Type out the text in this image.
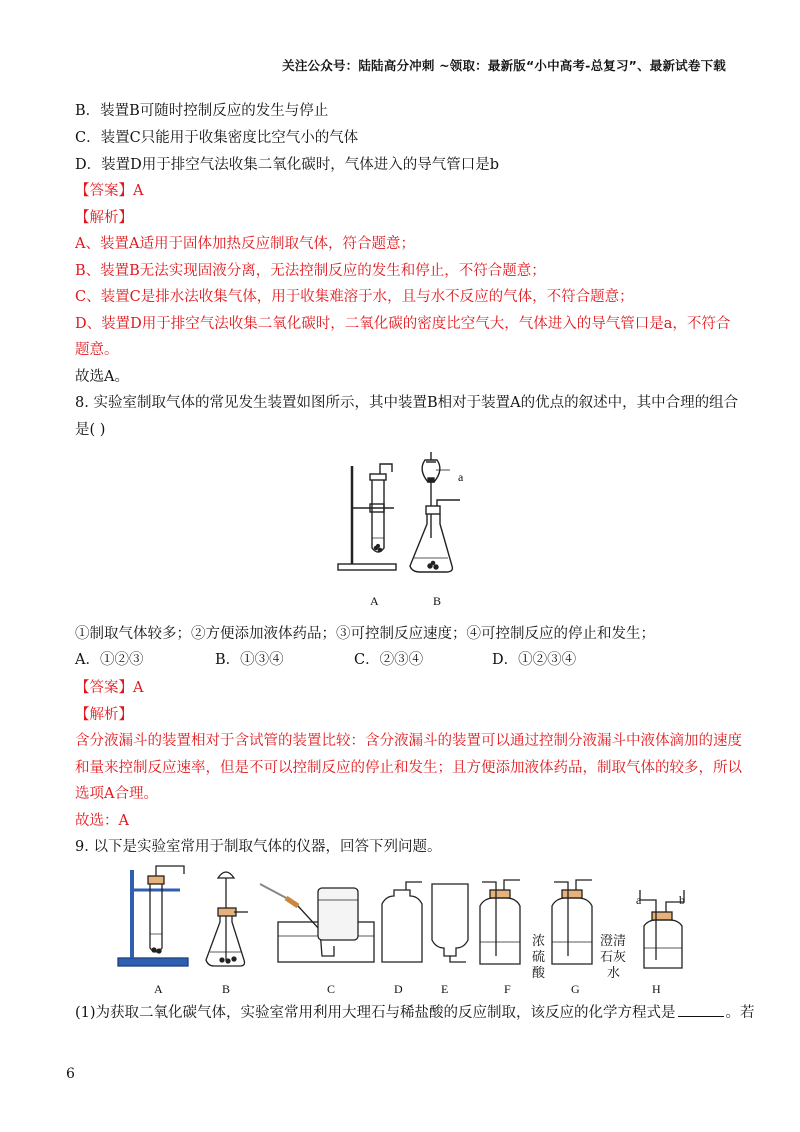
关注公众号：陆陆高分冲刺 ~领取：最新版“小中高考-总复习”、最新试卷下载
B．装置B可随时控制反应的发生与停止
C．装置C只能用于收集密度比空气小的气体
D．装置D用于排空气法收集二氧化碳时，气体进入的导气管口是b
【答案】A
【解析】
A、装置A适用于固体加热反应制取气体，符合题意；
B、装置B无法实现固液分离，无法控制反应的发生和停止，不符合题意；
C、装置C是排水法收集气体，用于收集难溶于水，且与水不反应的气体，不符合题意；
D、装置D用于排空气法收集二氧化碳时，二氧化碳的密度比空气大，气体进入的导气管口是a，不符合
题意。
故选A。
8. 实验室制取气体的常见发生装置如图所示，其中装置B相对于装置A的优点的叙述中，其中合理的组合
是( )
a
A	B
①制取气体较多；②方便添加液体药品；③可控制反应速度；④可控制反应的停止和发生；
A．①②③	B．①③④	C．②③④	D．①②③④
【答案】A
【解析】
含分液漏斗的装置相对于含试管的装置比较：含分液漏斗的装置可以通过控制分液漏斗中液体滴加的速度
和量来控制反应速率，但是不可以控制反应的停止和发生；且方便添加液体药品，制取气体的较多，所以
选项A合理。
故选：A
9. 以下是实验室常用于制取气体的仪器，回答下列问题。
a	b
浓
硫
酸
澄清
石灰
水
A	B	C	D	E	F	G	H
(1)为获取二氧化碳气体，实验室常用利用大理石与稀盐酸的反应制取，该反应的化学方程式是	。若
6
